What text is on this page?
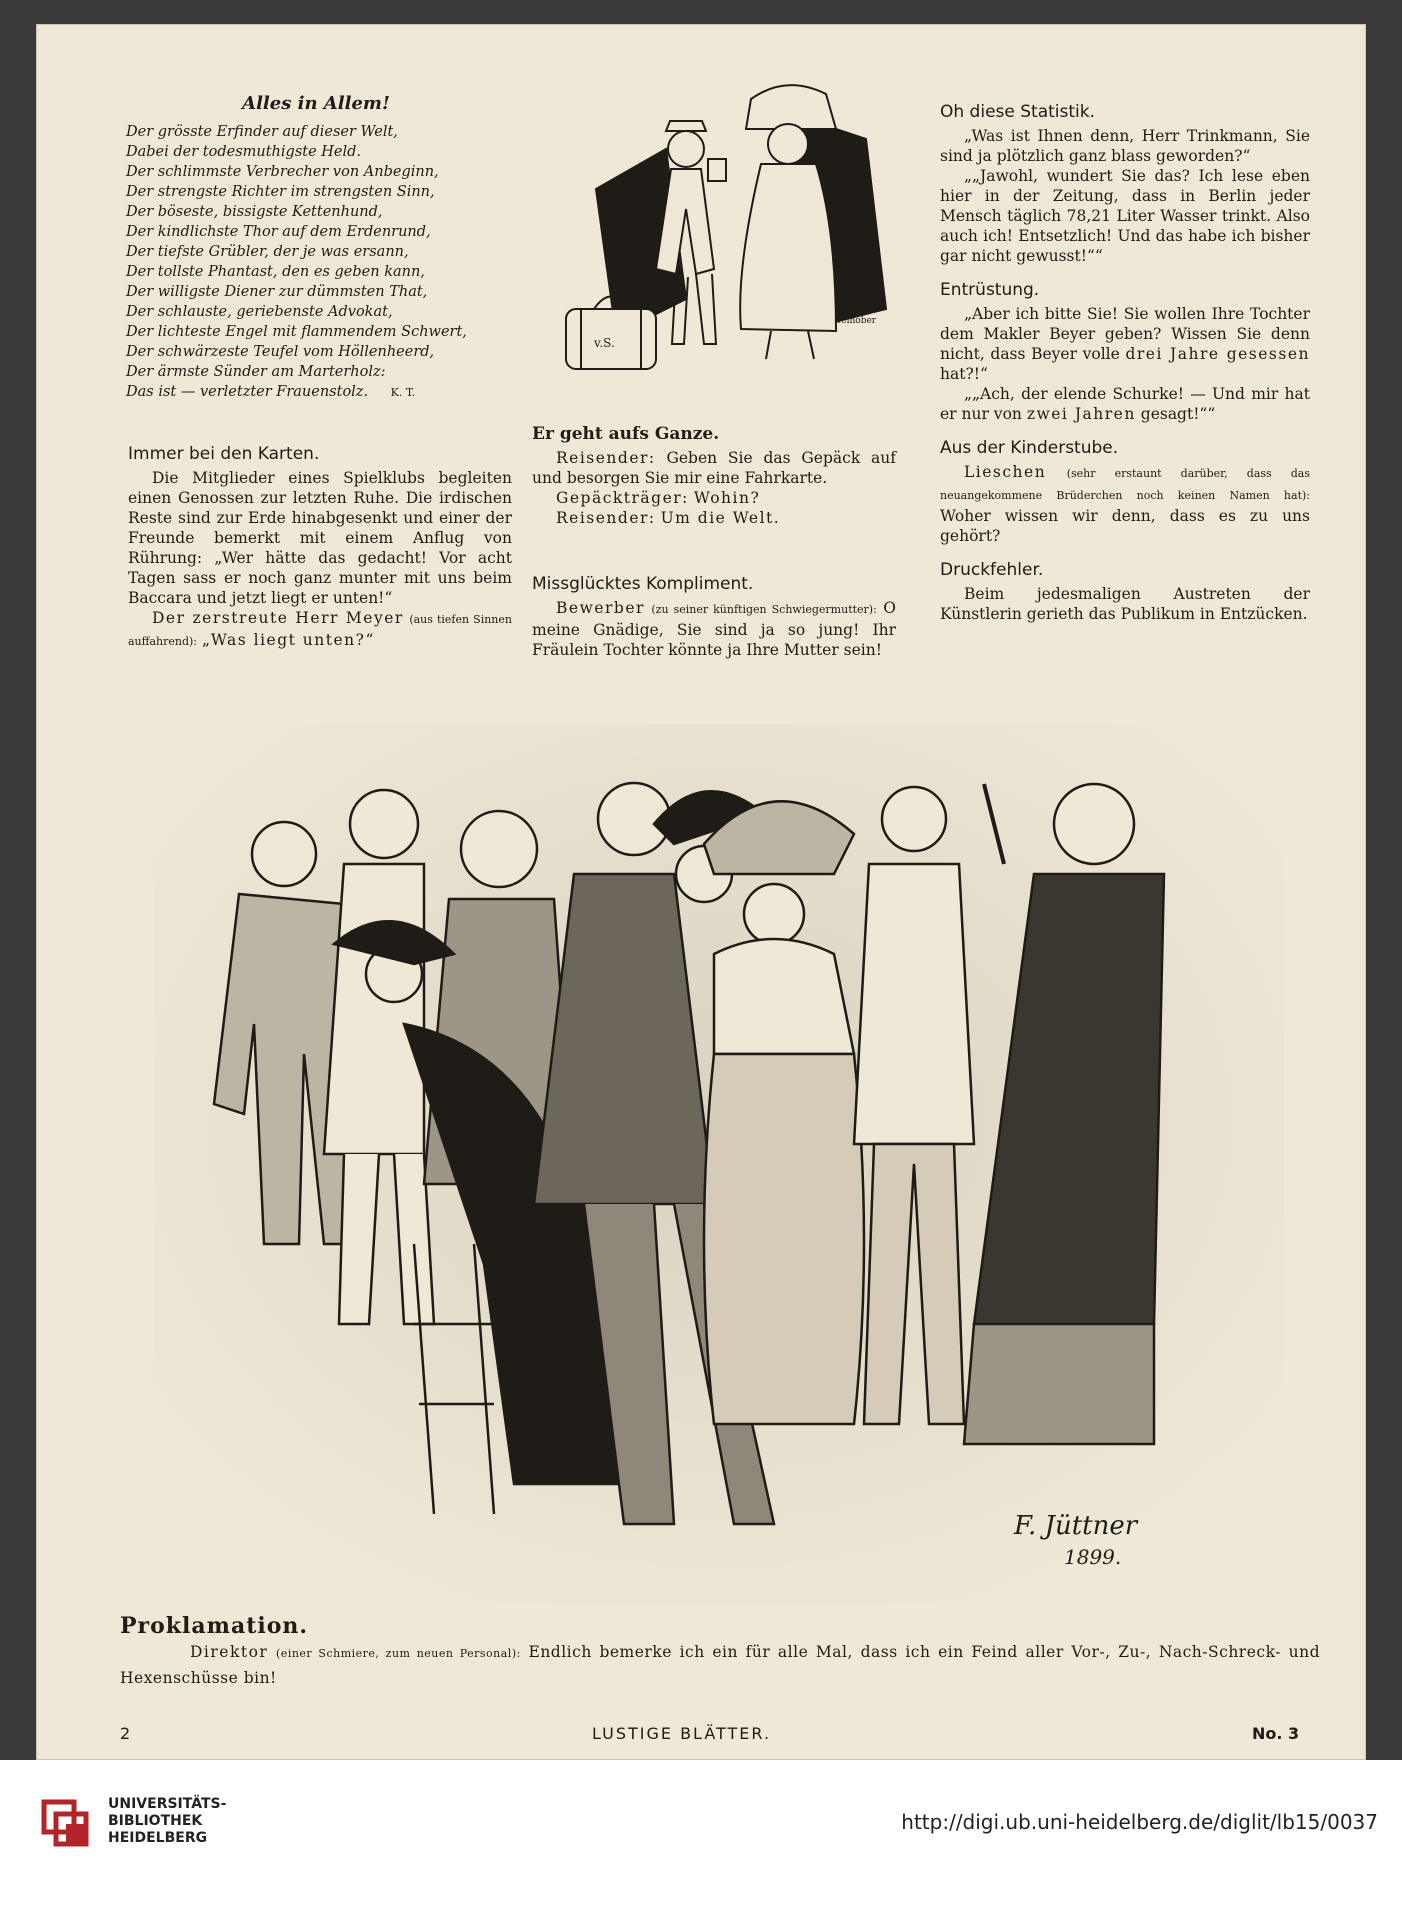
Alles in Allem!
Der grösste Erfinder auf dieser Welt,
Dabei der todesmuthigste Held.
Der schlimmste Verbrecher von Anbeginn,
Der strengste Richter im strengsten Sinn,
Der böseste, bissigste Kettenhund,
Der kindlichste Thor auf dem Erdenrund,
Der tiefste Grübler, der je was ersann,
Der tollste Phantast, den es geben kann,
Der willigste Diener zur dümmsten That,
Der schlauste, geriebenste Advokat,
Der lichteste Engel mit flammendem Schwert,
Der schwärzeste Teufel vom Höllenheerd,
Der ärmste Sünder am Marterholz:
Das ist — verletzter Frauenstolz. K. T.
Immer bei den Karten.

Die Mitglieder eines Spielklubs begleiten einen Genossen zur letzten Ruhe. Die irdischen Reste sind zur Erde hinabgesenkt und einer der Freunde bemerkt mit einem Anflug von Rührung: „Wer hätte das gedacht! Vor acht Tagen sass er noch ganz munter mit uns beim Baccara und jetzt liegt er unten!“

Der zerstreute Herr Meyer (aus tiefen Sinnen auffahrend): „Was liegt unten?“

v.S.
Teinöber
Er geht aufs Ganze.

Reisender: Geben Sie das Gepäck auf und besorgen Sie mir eine Fahrkarte.

Gepäckträger: Wohin?

Reisender: Um die Welt.

Missglücktes Kompliment.

Bewerber (zu seiner künftigen Schwiegermutter): O meine Gnädige, Sie sind ja so jung! Ihr Fräulein Tochter könnte ja Ihre Mutter sein!

Oh diese Statistik.

„Was ist Ihnen denn, Herr Trinkmann, Sie sind ja plötzlich ganz blass geworden?“

„„Jawohl, wundert Sie das? Ich lese eben hier in der Zeitung, dass in Berlin jeder Mensch täglich 78,21 Liter Wasser trinkt. Also auch ich! Entsetzlich! Und das habe ich bisher gar nicht gewusst!““

Entrüstung.

„Aber ich bitte Sie! Sie wollen Ihre Tochter dem Makler Beyer geben? Wissen Sie denn nicht, dass Beyer volle drei Jahre gesessen hat?!“

„„Ach, der elende Schurke! — Und mir hat er nur von zwei Jahren gesagt!““

Aus der Kinderstube.

Lieschen (sehr erstaunt darüber, dass das neuangekommene Brüderchen noch keinen Namen hat): Woher wissen wir denn, dass es zu uns gehört?

Druckfehler.

Beim jedesmaligen Austreten der Künstlerin gerieth das Publikum in Entzücken.

F. Jüttner
1899.
Proklamation.

Direktor (einer Schmiere, zum neuen Personal): Endlich bemerke ich ein für alle Mal, dass ich ein Feind aller Vor-, Zu-, Nach-Schreck- und Hexenschüsse bin!

2	LUSTIGE BLÄTTER.	No. 3
UNIVERSITÄTS-
BIBLIOTHEK
HEIDELBERG
http://digi.ub.uni-heidelberg.de/diglit/lb15/0037
